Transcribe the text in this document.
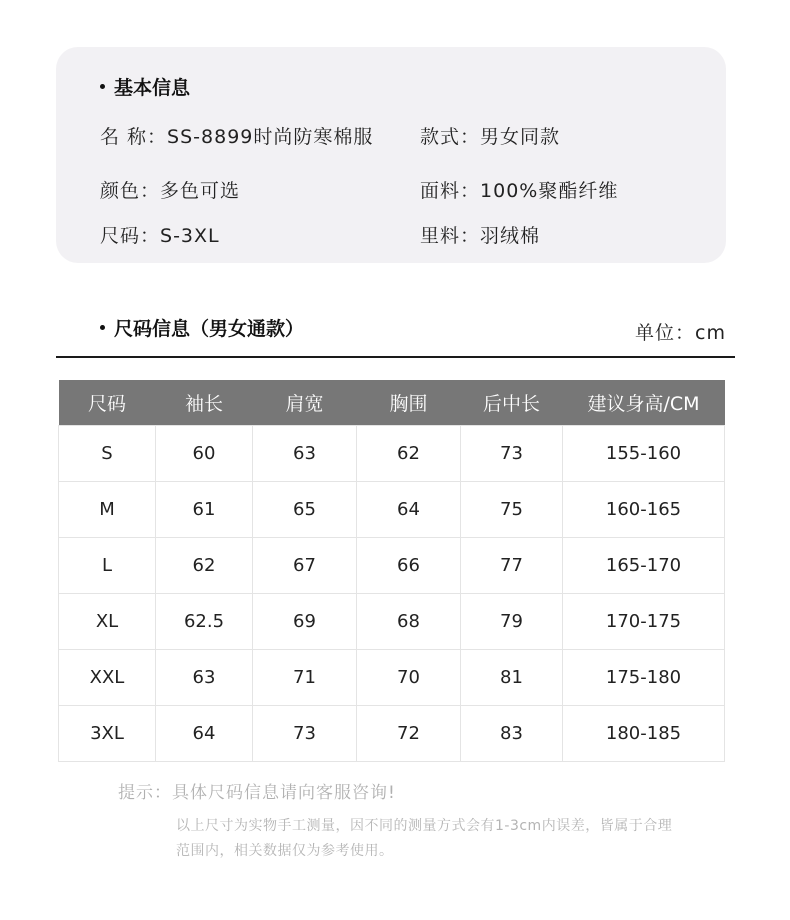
基本信息
名 称：SS-8899时尚防寒棉服 款式：男女同款
颜色：多色可选	面料：100%聚酯纤维
尺码：S-3XL	里料：羽绒棉
尺码信息（男女通款）	单位：cm
尺码	袖长	肩宽	胸围	后中长	建议身高/CM
S	60	63	62	73	155-160
M	61	65	64	75	160-165
L	62	67	66	77	165-170
XL	62.5	69	68	79	170-175
XXL	63	71	70	81	175-180
3XL	64	73	72	83	180-185
提示：具体尺码信息请向客服咨询!
以上尺寸为实物手工测量，因不同的测量方式会有1-3cm内误差，皆属于合理
范围内，相关数据仅为参考使用。
